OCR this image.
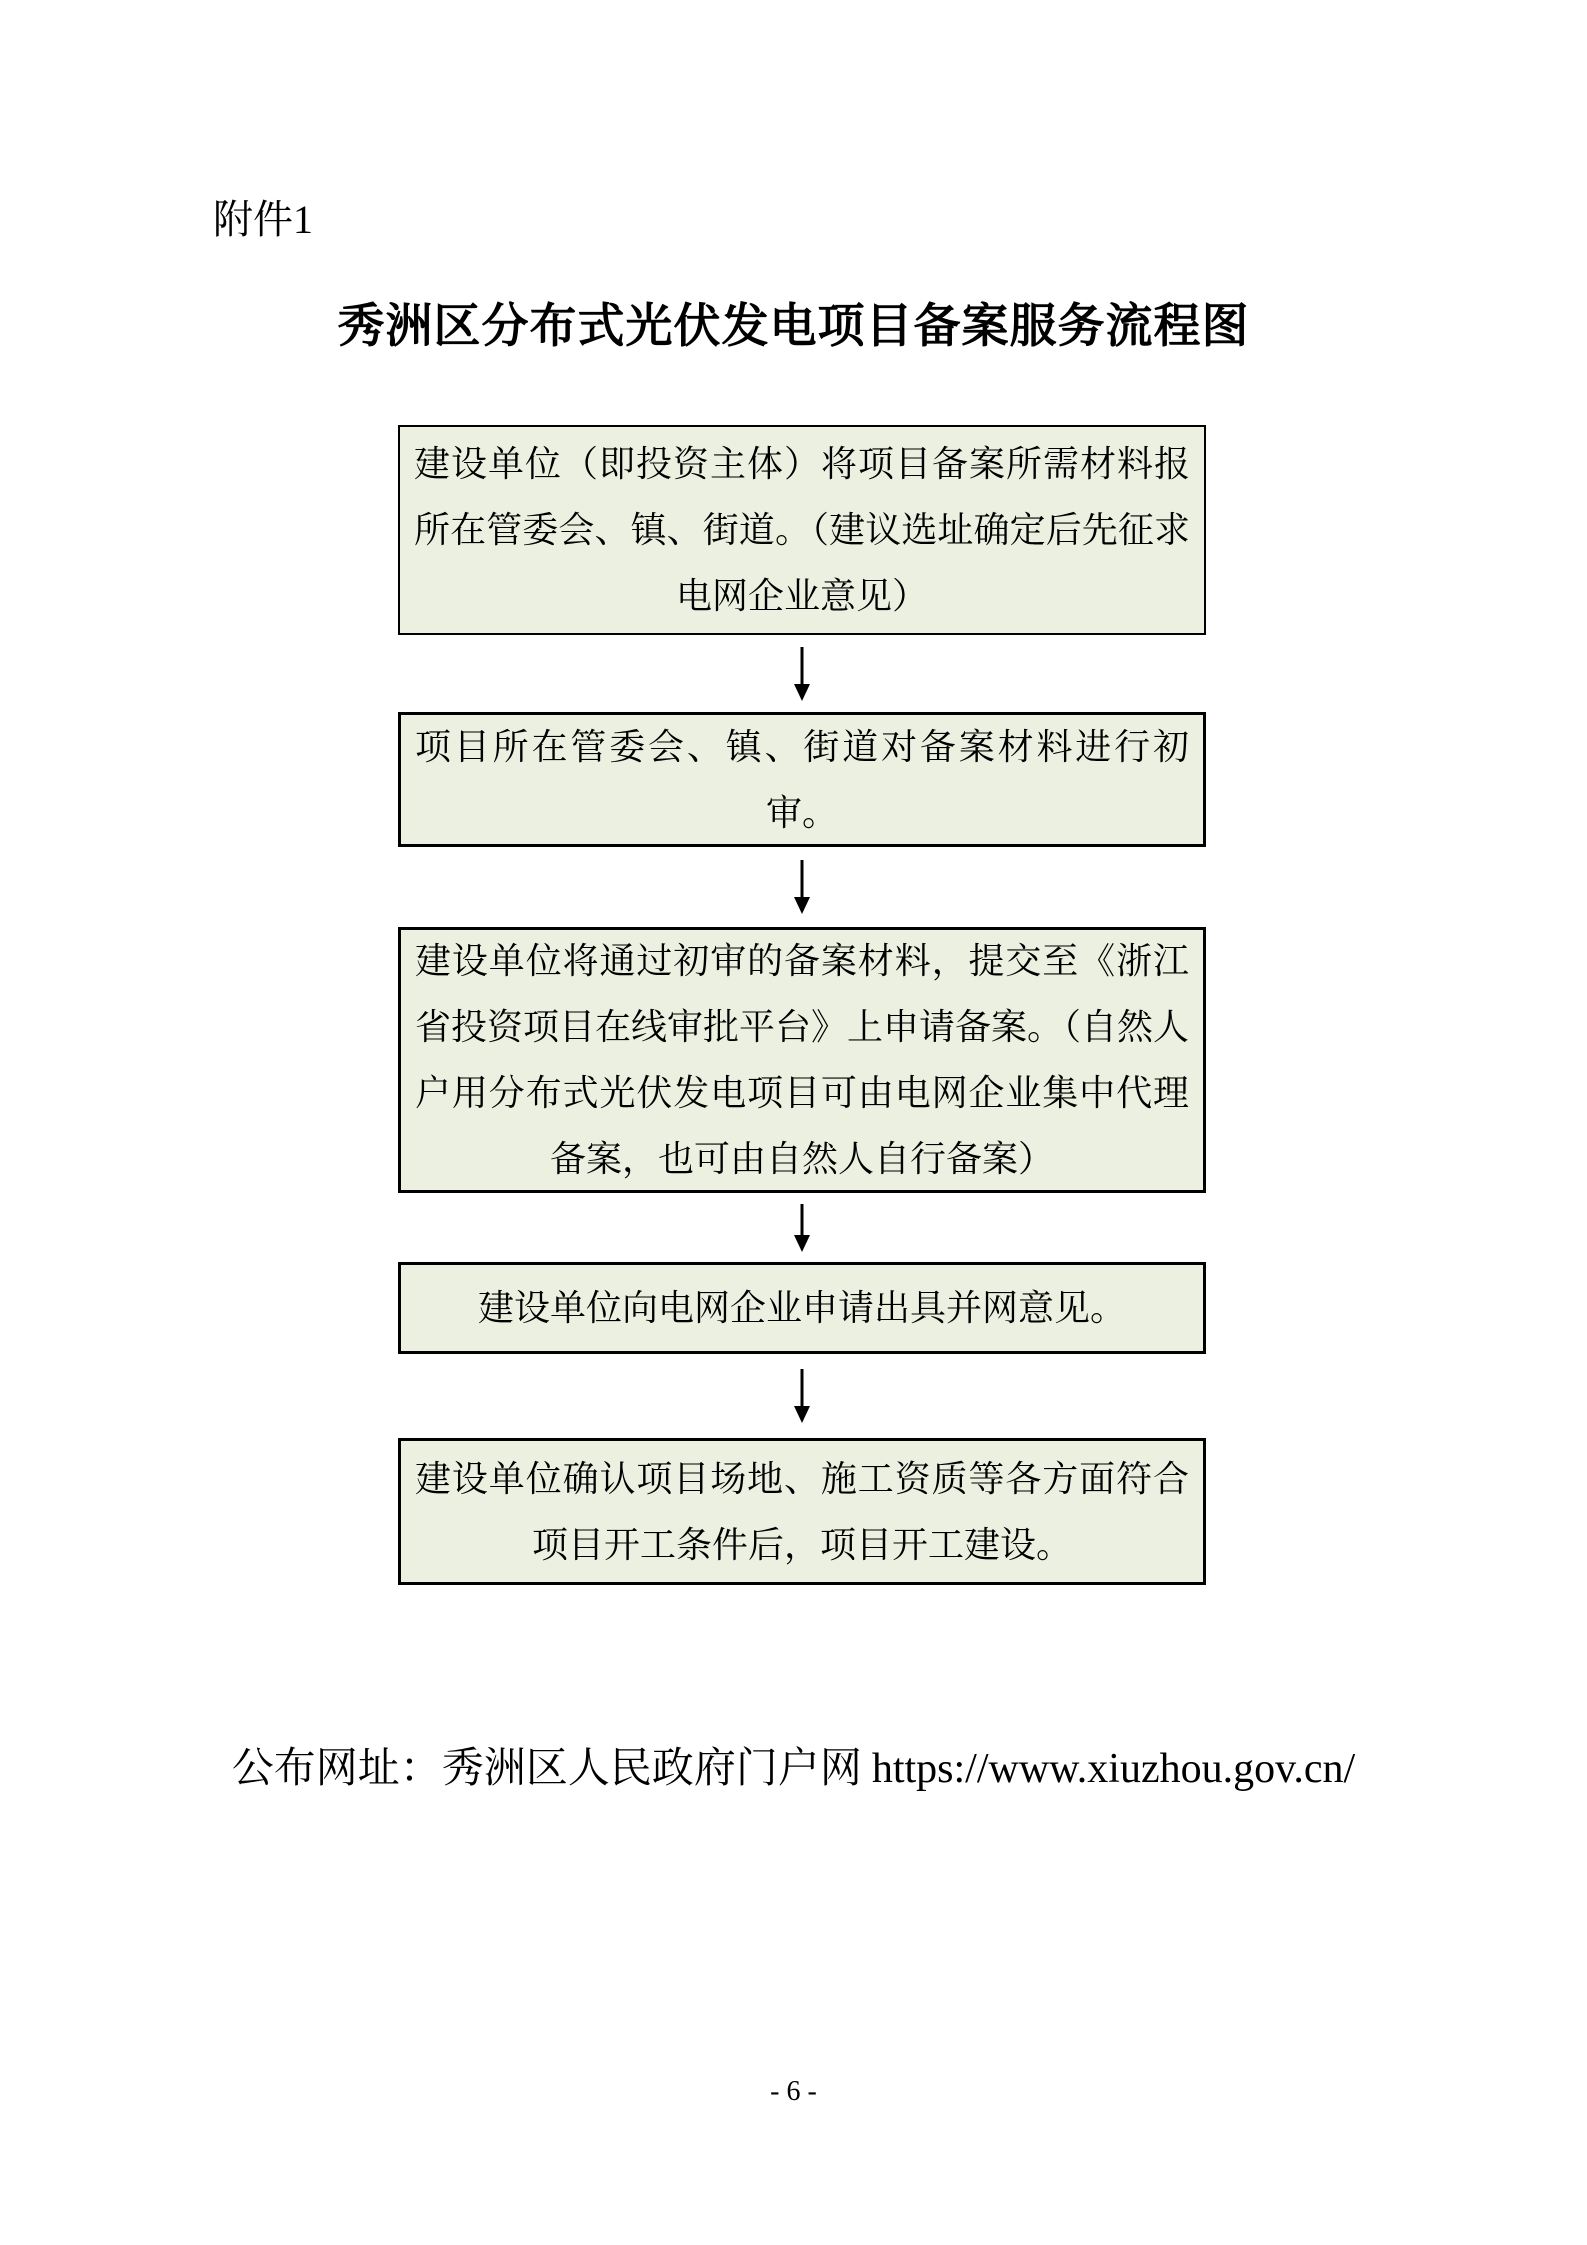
附件1
秀洲区分布式光伏发电项目备案服务流程图
建设单位（即投资主体）将项目备案所需材料报所在管委会、镇、街道。（建议选址确定后先征求电网企业意见）
项目所在管委会、镇、街道对备案材料进行初审。
建设单位将通过初审的备案材料，提交至《浙江省投资项目在线审批平台》上申请备案。（自然人户用分布式光伏发电项目可由电网企业集中代理备案，也可由自然人自行备案）
建设单位向电网企业申请出具并网意见。
建设单位确认项目场地、施工资质等各方面符合项目开工条件后，项目开工建设。
公布网址：秀洲区人民政府门户网 https://www.xiuzhou.gov.cn/
- 6 -
